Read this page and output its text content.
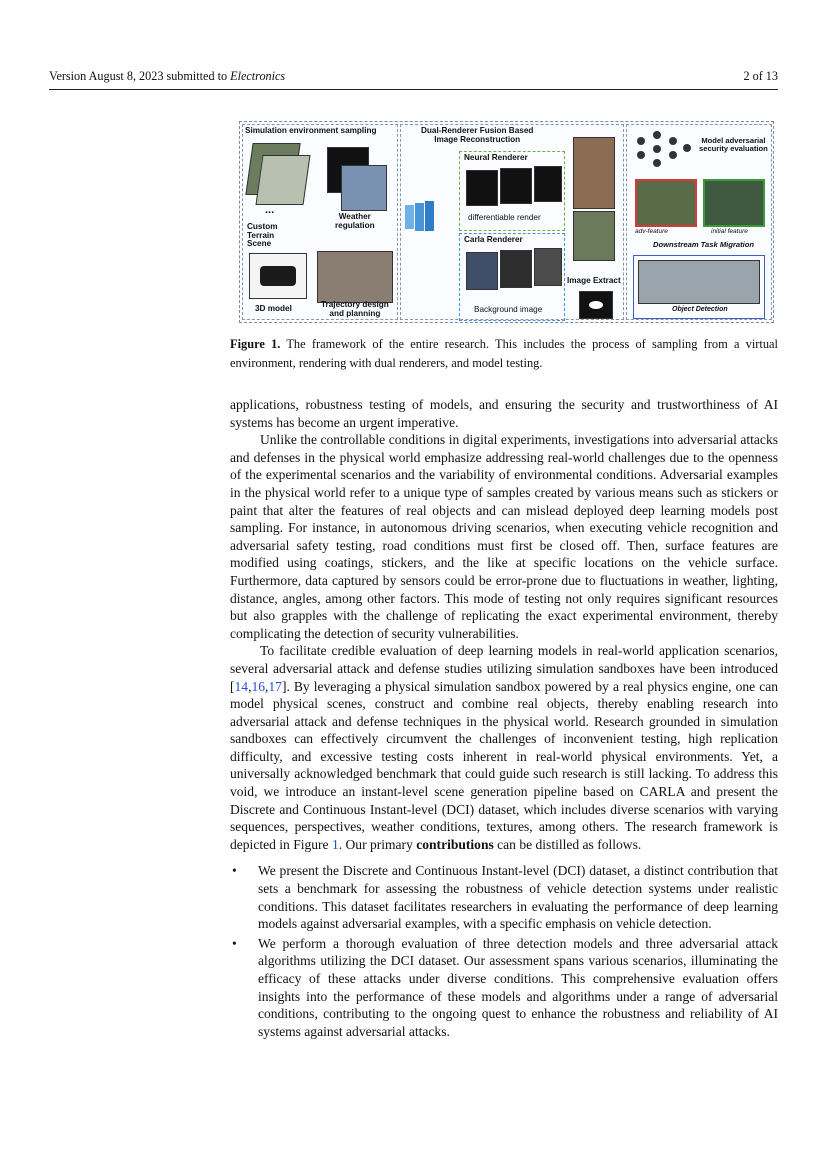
Version August 8, 2023 submitted to Electronics	2 of 13
Simulation environment sampling
...
Custom
Terrain
Scene
Weather
regulation
3D model	Trajectory design
and planning
Dual-Renderer Fusion Based
Image Reconstruction
Neural Renderer
differentiable render
Carla Renderer
Background image
Image Extract
Model adversarial
security evaluation
adv-feature	initial feature
Downstream Task Migration
Object Detection
Figure 1. The framework of the entire research. This includes the process of sampling from a virtual environment, rendering with dual renderers, and model testing.

applications, robustness testing of models, and ensuring the security and trustworthiness of AI systems has become an urgent imperative.

Unlike the controllable conditions in digital experiments, investigations into adversarial attacks and defenses in the physical world emphasize addressing real-world challenges due to the openness of the experimental scenarios and the variability of environmental conditions. Adversarial examples in the physical world refer to a unique type of samples created by various means such as stickers or paint that alter the features of real objects and can mislead deployed deep learning models post sampling. For instance, in autonomous driving scenarios, when executing vehicle recognition and adversarial safety testing, road conditions must first be closed off. Then, surface features are modified using coatings, stickers, and the like at specific locations on the vehicle surface. Furthermore, data captured by sensors could be error-prone due to fluctuations in weather, lighting, distance, angles, among other factors. This mode of testing not only requires significant resources but also grapples with the challenge of replicating the exact experimental environment, thereby complicating the detection of security vulnerabilities.

To facilitate credible evaluation of deep learning models in real-world application scenarios, several adversarial attack and defense studies utilizing simulation sandboxes have been introduced [14,16,17]. By leveraging a physical simulation sandbox powered by a real physics engine, one can model physical scenes, construct and combine real objects, thereby enabling research into adversarial attack and defense techniques in the physical world. Research grounded in simulation sandboxes can effectively circumvent the challenges of inconvenient testing, high replication difficulty, and excessive testing costs inherent in real-world physical environments. Yet, a universally acknowledged benchmark that could guide such research is still lacking. To address this void, we introduce an instant-level scene generation pipeline based on CARLA and present the Discrete and Continuous Instant-level (DCI) dataset, which includes diverse scenarios with varying sequences, perspectives, weather conditions, textures, among others. The research framework is depicted in Figure 1. Our primary contributions can be distilled as follows.

• We present the Discrete and Continuous Instant-level (DCI) dataset, a distinct contribution that sets a benchmark for assessing the robustness of vehicle detection systems under realistic conditions. This dataset facilitates researchers in evaluating the performance of deep learning models against adversarial examples, with a specific emphasis on vehicle detection.
• We perform a thorough evaluation of three detection models and three adversarial attack algorithms utilizing the DCI dataset. Our assessment spans various scenarios, illuminating the efficacy of these attacks under diverse conditions. This comprehensive evaluation offers insights into the performance of these models and algorithms under a range of adversarial conditions, contributing to the ongoing quest to enhance the robustness and reliability of AI systems against adversarial attacks.
